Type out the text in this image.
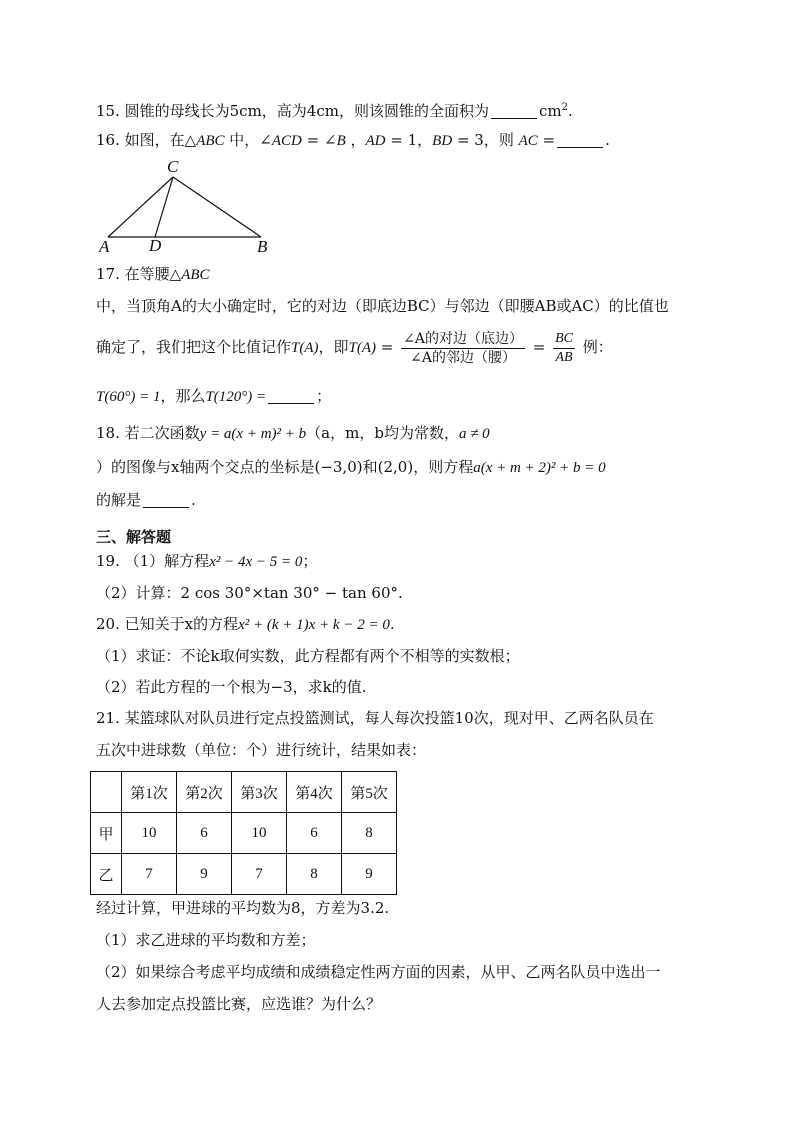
15. 圆锥的母线长为5cm，高为4cm，则该圆锥的全面积为	$cm^2$.
16. 如图，在△ABC 中，∠ACD = ∠B ，AD = 1，BD = 3，则 AC =	.
A D	B
C
17. 在等腰△ABC
中，当顶角A的大小确定时，它的对边（即底边BC）与邻边（即腰AB或AC）的比值也
确定了，我们把这个比值记作T(A)，即$T(A) = \frac{\text{∠A的对边（底边）}}{\text{∠A的邻边（腰）}} = \frac{BC}{AB}$ 例：
T(60°) = 1，那么T(120°) =	；
18. 若二次函数y = a(x + m)² + b（a，m，b均为常数，a ≠ 0
）的图像与x轴两个交点的坐标是(−3,0)和(2,0)，则方程a(x + m + 2)² + b = 0
的解是	.
三、解答题
19. （1）解方程x² − 4x − 5 = 0；
（2）计算：2 cos 30°×tan 30° − tan 60°.
20. 已知关于x的方程x² + (k + 1)x + k − 2 = 0.
（1）求证：不论k取何实数，此方程都有两个不相等的实数根；
（2）若此方程的一个根为−3，求k的值.
21. 某篮球队对队员进行定点投篮测试，每人每次投篮10次，现对甲、乙两名队员在
五次中进球数（单位：个）进行统计，结果如表：
	第1次	第2次	第3次	第4次	第5次
甲	10	6	10	6	8
乙	7	9	7	8	9
经过计算，甲进球的平均数为8，方差为3.2.
（1）求乙进球的平均数和方差；
（2）如果综合考虑平均成绩和成绩稳定性两方面的因素，从甲、乙两名队员中选出一
人去参加定点投篮比赛，应选谁？为什么？
